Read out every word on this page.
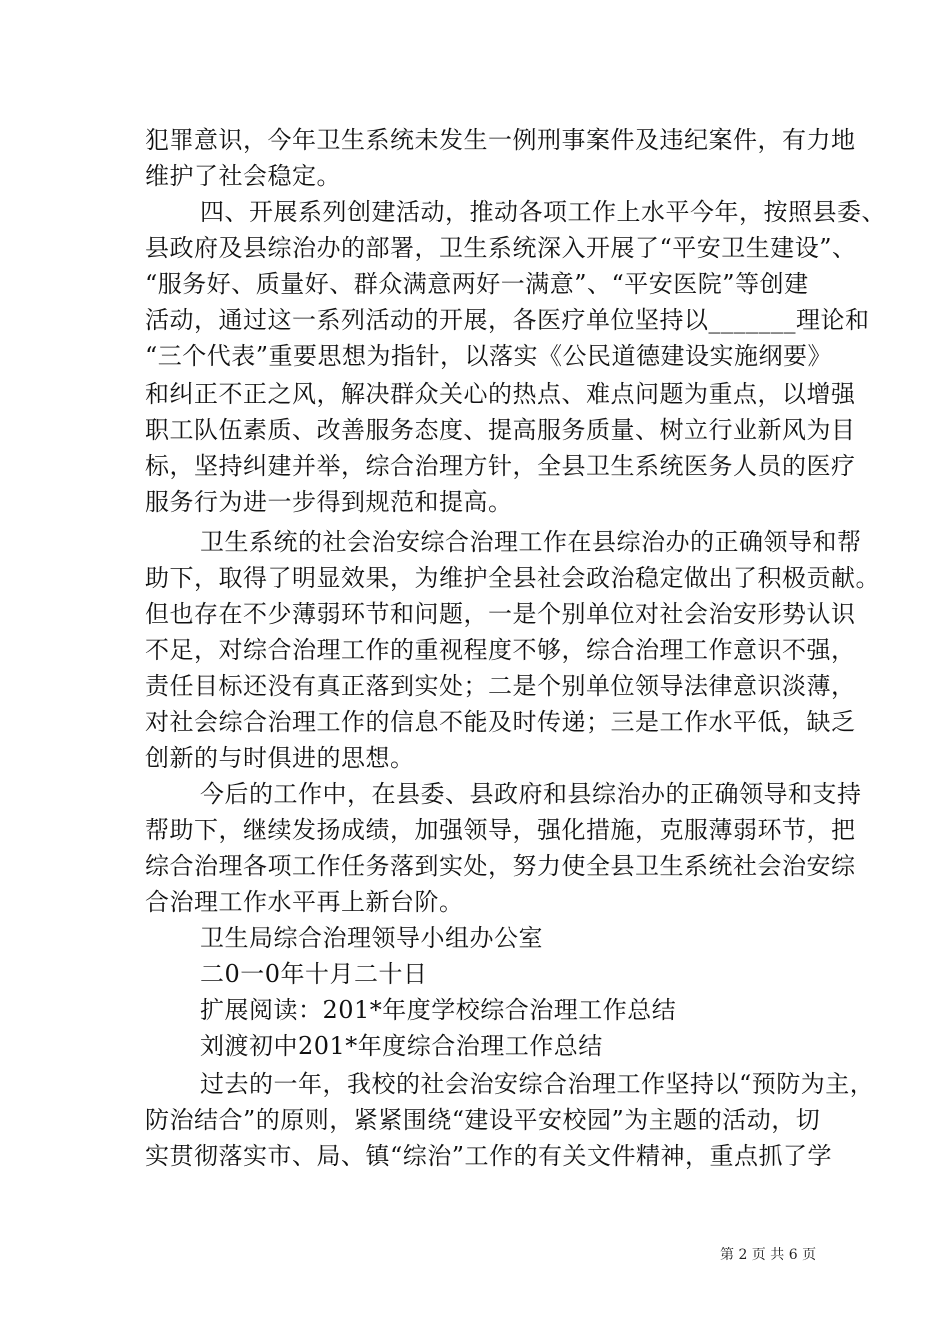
犯罪意识，今年卫生系统未发生一例刑事案件及违纪案件，有力地
维护了社会稳定。
四、开展系列创建活动，推动各项工作上水平今年，按照县委、
县政府及县综治办的部署，卫生系统深入开展了“平安卫生建设”、
“服务好、质量好、群众满意两好一满意”、“平安医院”等创建
活动，通过这一系列活动的开展，各医疗单位坚持以_______理论和
“三个代表”重要思想为指针，以落实《公民道德建设实施纲要》
和纠正不正之风，解决群众关心的热点、难点问题为重点，以增强
职工队伍素质、改善服务态度、提高服务质量、树立行业新风为目
标，坚持纠建并举，综合治理方针，全县卫生系统医务人员的医疗
服务行为进一步得到规范和提高。
卫生系统的社会治安综合治理工作在县综治办的正确领导和帮
助下，取得了明显效果，为维护全县社会政治稳定做出了积极贡献。
但也存在不少薄弱环节和问题，一是个别单位对社会治安形势认识
不足，对综合治理工作的重视程度不够，综合治理工作意识不强，
责任目标还没有真正落到实处；二是个别单位领导法律意识淡薄，
对社会综合治理工作的信息不能及时传递；三是工作水平低，缺乏
创新的与时俱进的思想。
今后的工作中，在县委、县政府和县综治办的正确领导和支持
帮助下，继续发扬成绩，加强领导，强化措施，克服薄弱环节，把
综合治理各项工作任务落到实处，努力使全县卫生系统社会治安综
合治理工作水平再上新台阶。
卫生局综合治理领导小组办公室
二0一0年十月二十日
扩展阅读：201*年度学校综合治理工作总结
刘渡初中201*年度综合治理工作总结
过去的一年，我校的社会治安综合治理工作坚持以“预防为主，
防治结合”的原则，紧紧围绕“建设平安校园”为主题的活动，切
实贯彻落实市、局、镇“综治”工作的有关文件精神，重点抓了学
第 2 页 共 6 页
